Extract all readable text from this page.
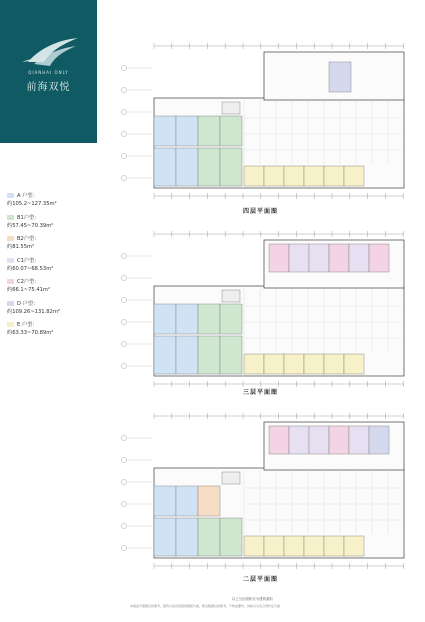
QIANHAI ONLY
前海双悦
A 户型：
约105.2~127.35m²
B1户型：
约57.45~70.39m²
B2户型：
约81.55m²
C1户型：
约60.07~68.53m²
C2户型：
约66.1~75.41m²
D 户型：
约109.26~131.82m²
E 户型：
约63.33~70.89m²
四层平面图
三层平面图
二层平面图
以上分区面积仅为建筑面积
本楼盘平面图仅供参考，最终以政府批准的图纸为准，相关数据仅供参考，不构成要约，具体以买卖合同约定为准
